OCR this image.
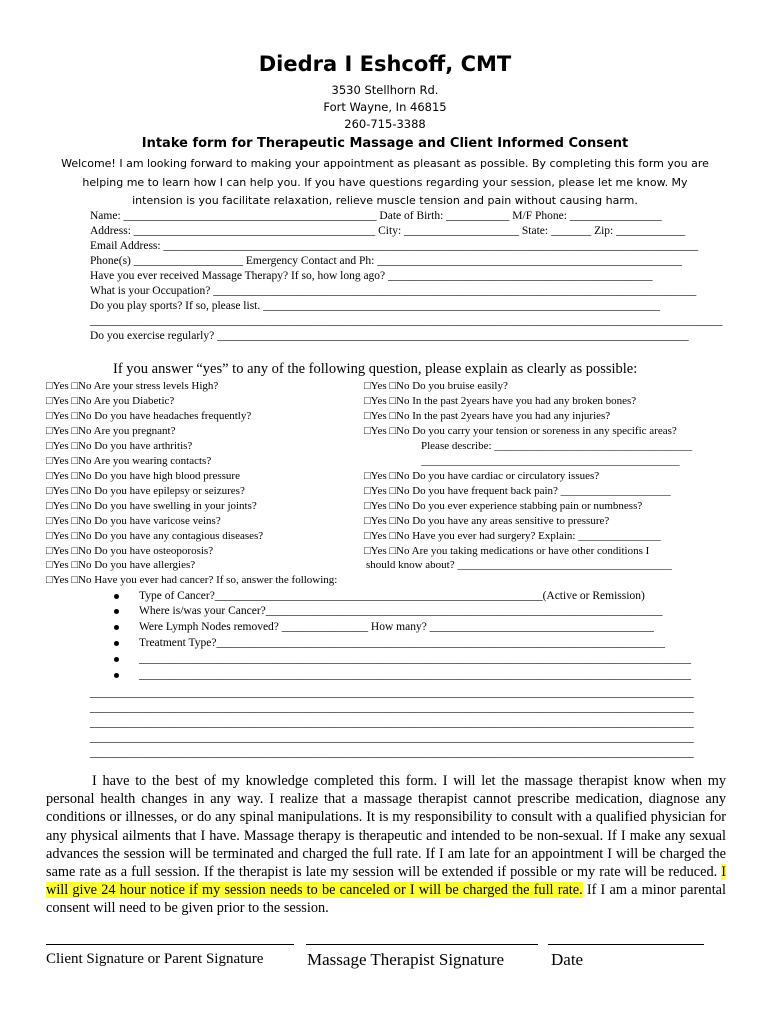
Diedra I Eshcoff, CMT
3530 Stellhorn Rd.
Fort Wayne, In 46815
260-715-3388
Intake form for Therapeutic Massage and Client Informed Consent
Welcome! I am looking forward to making your appointment as pleasant as possible. By completing this form you are
helping me to learn how I can help you. If you have questions regarding your session, please let me know. My
intension is you facilitate relaxation, relieve muscle tension and pain without causing harm.
Name: ____________________________________________ Date of Birth: ___________ M/F Phone: ________________
Address: __________________________________________ City: ____________________ State: _______ Zip: ____________
Email Address: _____________________________________________________________________________________________
Phone(s) ___________________ Emergency Contact and Ph: _____________________________________________________
Have you ever received Massage Therapy? If so, how long ago? ______________________________________________
What is your Occupation? ____________________________________________________________________________________
Do you play sports? If so, please list. _____________________________________________________________________
______________________________________________________________________________________________________________
Do you exercise regularly? __________________________________________________________________________________
If you answer “yes” to any of the following question, please explain as clearly as possible:
□Yes □No Are your stress levels High?
□Yes □No Are you Diabetic?
□Yes □No Do you have headaches frequently?
□Yes □No Are you pregnant?
□Yes □No Do you have arthritis?
□Yes □No Are you wearing contacts?
□Yes □No Do you have high blood pressure
□Yes □No Do you have epilepsy or seizures?
□Yes □No Do you have swelling in your joints?
□Yes □No Do you have varicose veins?
□Yes □No Do you have any contagious diseases?
□Yes □No Do you have osteoporosis?
□Yes □No Do you have allergies?
□Yes □No Have you ever had cancer? If so, answer the following:
□Yes □No Do you bruise easily?
□Yes □No In the past 2years have you had any broken bones?
□Yes □No In the past 2years have you had any injuries?
□Yes □No Do you carry your tension or soreness in any specific areas?
Please describe: ____________________________________
_______________________________________________
□Yes □No Do you have cardiac or circulatory issues?
□Yes □No Do you have frequent back pain? ____________________
□Yes □No Do you ever experience stabbing pain or numbness?
□Yes □No Do you have any areas sensitive to pressure?
□Yes □No Have you ever had surgery? Explain: _______________
□Yes □No Are you taking medications or have other conditions I
should know about? _______________________________________
Type of Cancer?_________________________________________________________(Active or Remission)
Where is/was your Cancer?_____________________________________________________________________
Were Lymph Nodes removed? _______________ How many? _______________________________________
Treatment Type?______________________________________________________________________________
________________________________________________________________________________________________
________________________________________________________________________________________________
_________________________________________________________________________________________________________
_________________________________________________________________________________________________________
_________________________________________________________________________________________________________
_________________________________________________________________________________________________________
_________________________________________________________________________________________________________
I have to the best of my knowledge completed this form. I will let the massage therapist know when my personal health changes in any way. I realize that a massage therapist cannot prescribe medication, diagnose any conditions or illnesses, or do any spinal manipulations. It is my responsibility to consult with a qualified physician for any physical ailments that I have. Massage therapy is therapeutic and intended to be non-sexual. If I make any sexual advances the session will be terminated and charged the full rate. If I am late for an appointment I will be charged the same rate as a full session. If the therapist is late my session will be extended if possible or my rate will be reduced. I will give 24 hour notice if my session needs to be canceled or I will be charged the full rate. If I am a minor parental consent will need to be given prior to the session.
Client Signature or Parent Signature	Massage Therapist Signature	Date
